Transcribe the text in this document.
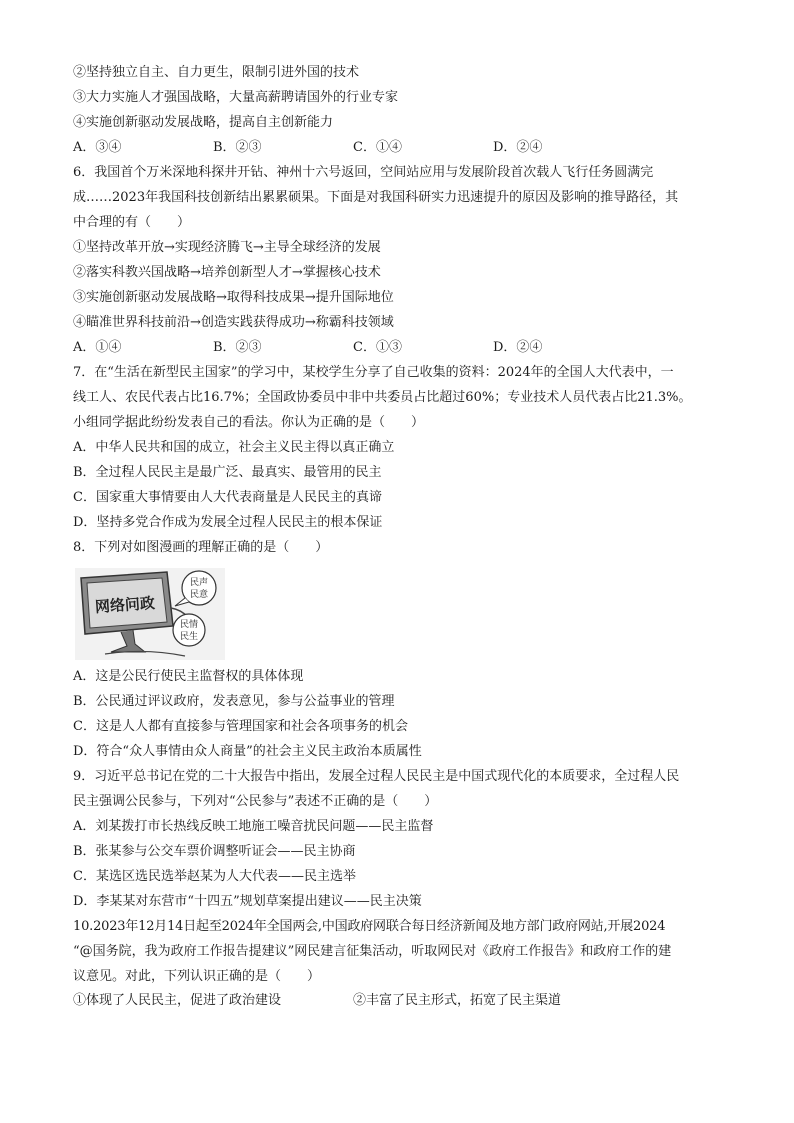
②坚持独立自主、自力更生，限制引进外国的技术
③大力实施人才强国战略，大量高薪聘请国外的行业专家
④实施创新驱动发展战略，提高自主创新能力
A．③④	B．②③	C．①④	D．②④
6．我国首个万米深地科探井开钻、神州十六号返回，空间站应用与发展阶段首次载人飞行任务圆满完
成……2023年我国科技创新结出累累硕果。下面是对我国科研实力迅速提升的原因及影响的推导路径，其
中合理的有（　　）
①坚持改革开放→实现经济腾飞→主导全球经济的发展
②落实科教兴国战略→培养创新型人才→掌握核心技术
③实施创新驱动发展战略→取得科技成果→提升国际地位
④瞄准世界科技前沿→创造实践获得成功→称霸科技领域
A．①④	B．②③	C．①③	D．②④
7．在“生活在新型民主国家”的学习中，某校学生分享了自己收集的资料：2024年的全国人大代表中，一
线工人、农民代表占比16.7%；全国政协委员中非中共委员占比超过60%；专业技术人员代表占比21.3%。
小组同学据此纷纷发表自己的看法。你认为正确的是（　　）
A．中华人民共和国的成立，社会主义民主得以真正确立
B．全过程人民民主是最广泛、最真实、最管用的民主
C．国家重大事情要由人大代表商量是人民民主的真谛
D．坚持多党合作成为发展全过程人民民主的根本保证
8．下列对如图漫画的理解正确的是（　　）
网络问政
民声
民意
民情
民生
A．这是公民行使民主监督权的具体体现
B．公民通过评议政府，发表意见，参与公益事业的管理
C．这是人人都有直接参与管理国家和社会各项事务的机会
D．符合“众人事情由众人商量”的社会主义民主政治本质属性
9．习近平总书记在党的二十大报告中指出，发展全过程人民民主是中国式现代化的本质要求，全过程人民
民主强调公民参与，下列对“公民参与”表述不正确的是（　　）
A．刘某拨打市长热线反映工地施工噪音扰民问题——民主监督
B．张某参与公交车票价调整听证会——民主协商
C．某选区选民选举赵某为人大代表——民主选举
D．李某某对东营市“十四五”规划草案提出建议——民主决策
10.2023年12月14日起至2024年全国两会,中国政府网联合每日经济新闻及地方部门政府网站,开展2024
“@国务院，我为政府工作报告提建议”网民建言征集活动，听取网民对《政府工作报告》和政府工作的建
议意见。对此，下列认识正确的是（　　）
①体现了人民民主，促进了政治建设	②丰富了民主形式，拓宽了民主渠道
